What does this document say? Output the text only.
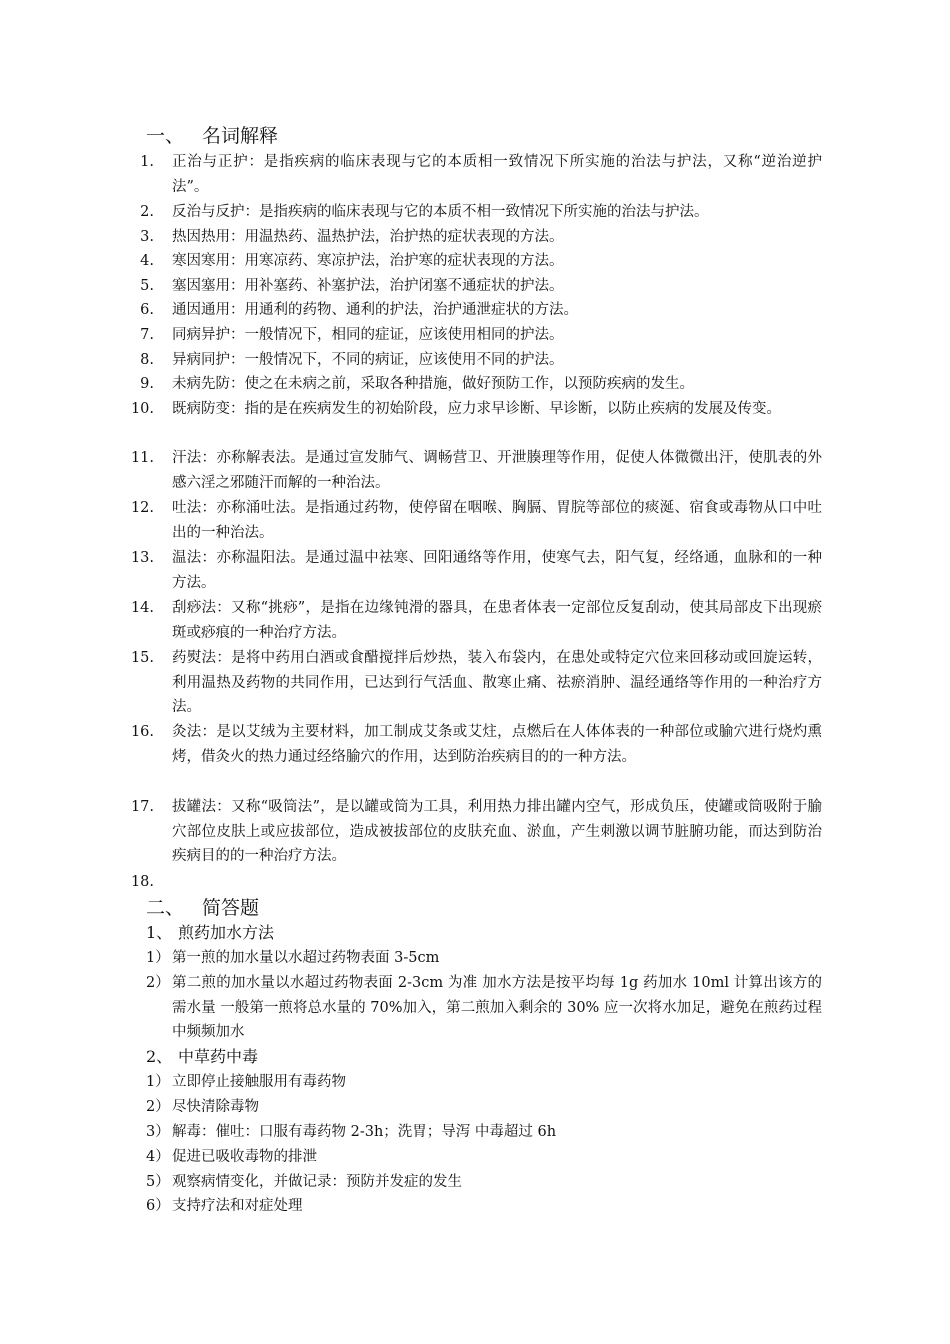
一、 名词解释
1. 正治与正护：是指疾病的临床表现与它的本质相一致情况下所实施的治法与护法，又称“逆治逆护法”。
2. 反治与反护：是指疾病的临床表现与它的本质不相一致情况下所实施的治法与护法。
3. 热因热用：用温热药、温热护法，治护热的症状表现的方法。
4. 寒因寒用：用寒凉药、寒凉护法，治护寒的症状表现的方法。
5. 塞因塞用：用补塞药、补塞护法，治护闭塞不通症状的护法。
6. 通因通用：用通利的药物、通利的护法，治护通泄症状的方法。
7. 同病异护：一般情况下，相同的症证，应该使用相同的护法。
8. 异病同护：一般情况下，不同的病证，应该使用不同的护法。
9. 未病先防：使之在未病之前，采取各种措施，做好预防工作，以预防疾病的发生。
10. 既病防变：指的是在疾病发生的初始阶段，应力求早诊断、早诊断，以防止疾病的发展及传变。
11. 汗法：亦称解表法。是通过宣发肺气、调畅营卫、开泄腠理等作用，促使人体微微出汗，使肌表的外感六淫之邪随汗而解的一种治法。
12. 吐法：亦称涌吐法。是指通过药物，使停留在咽喉、胸膈、胃脘等部位的痰涎、宿食或毒物从口中吐出的一种治法。
13. 温法：亦称温阳法。是通过温中祛寒、回阳通络等作用，使寒气去，阳气复，经络通，血脉和的一种方法。
14. 刮痧法：又称“挑痧”，是指在边缘钝滑的器具，在患者体表一定部位反复刮动，使其局部皮下出现瘀斑或痧痕的一种治疗方法。
15. 药熨法：是将中药用白酒或食醋搅拌后炒热，装入布袋内，在患处或特定穴位来回移动或回旋运转，利用温热及药物的共同作用，已达到行气活血、散寒止痛、祛瘀消肿、温经通络等作用的一种治疗方法。
16. 灸法：是以艾绒为主要材料，加工制成艾条或艾炷，点燃后在人体体表的一种部位或腧穴进行烧灼熏烤，借灸火的热力通过经络腧穴的作用，达到防治疾病目的的一种方法。
17. 拔罐法：又称“吸筒法”，是以罐或筒为工具，利用热力排出罐内空气，形成负压，使罐或筒吸附于腧穴部位皮肤上或应拔部位，造成被拔部位的皮肤充血、淤血，产生刺激以调节脏腑功能，而达到防治疾病目的的一种治疗方法。
18.
二、 简答题
1、 煎药加水方法
1） 第一煎的加水量以水超过药物表面 3-5cm
2） 第二煎的加水量以水超过药物表面 2-3cm 为准 加水方法是按平均每 1g 药加水 10ml 计算出该方的需水量 一般第一煎将总水量的 70%加入，第二煎加入剩余的 30% 应一次将水加足，避免在煎药过程中频频加水
2、 中草药中毒
1） 立即停止接触服用有毒药物
2） 尽快清除毒物
3） 解毒：催吐：口服有毒药物 2-3h；洗胃；导泻 中毒超过 6h
4） 促进已吸收毒物的排泄
5） 观察病情变化，并做记录：预防并发症的发生
6） 支持疗法和对症处理
